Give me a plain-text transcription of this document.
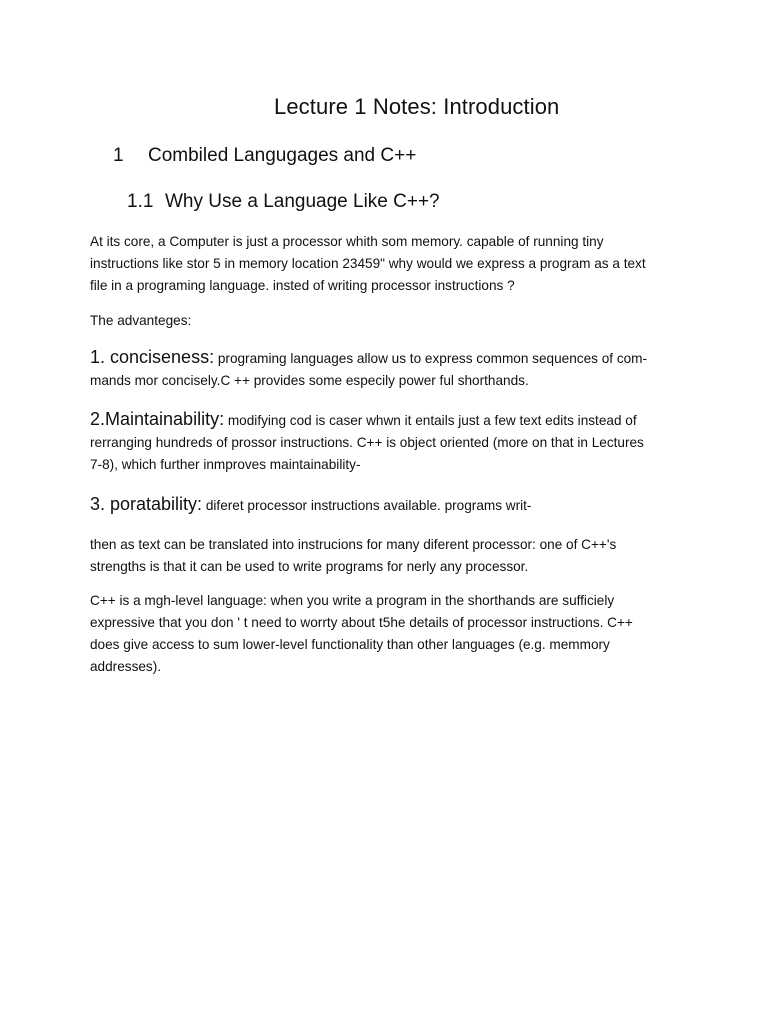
Lecture 1 Notes: Introduction
1 Combiled Langugages and C++
1.1 Why Use a Language Like C++?

At its core, a Computer is just a processor whith som memory. capable of running tiny
instructions like stor 5 in memory location 23459" why would we express a program as a text
file in a programing language. insted of writing processor instructions ?

The advanteges:

1. conciseness: programing languages allow us to express common sequences of com-
mands mor concisely.C ++ provides some especily power ful shorthands.

2.Maintainability: modifying cod is caser whwn it entails just a few text edits instead of
rerranging hundreds of prossor instructions. C++ is object oriented (more on that in Lectures
7-8), which further inmproves maintainability-

3. poratability: diferet processor instructions available. programs writ-

then as text can be translated into instrucions for many diferent processor: one of C++'s
strengths is that it can be used to write programs for nerly any processor.

C++ is a mgh-level language: when you write a program in the shorthands are sufficiely
expressive that you don ' t need to worrty about t5he details of processor instructions. C++
does give access to sum lower-level functionality than other languages (e.g. memmory
addresses).
